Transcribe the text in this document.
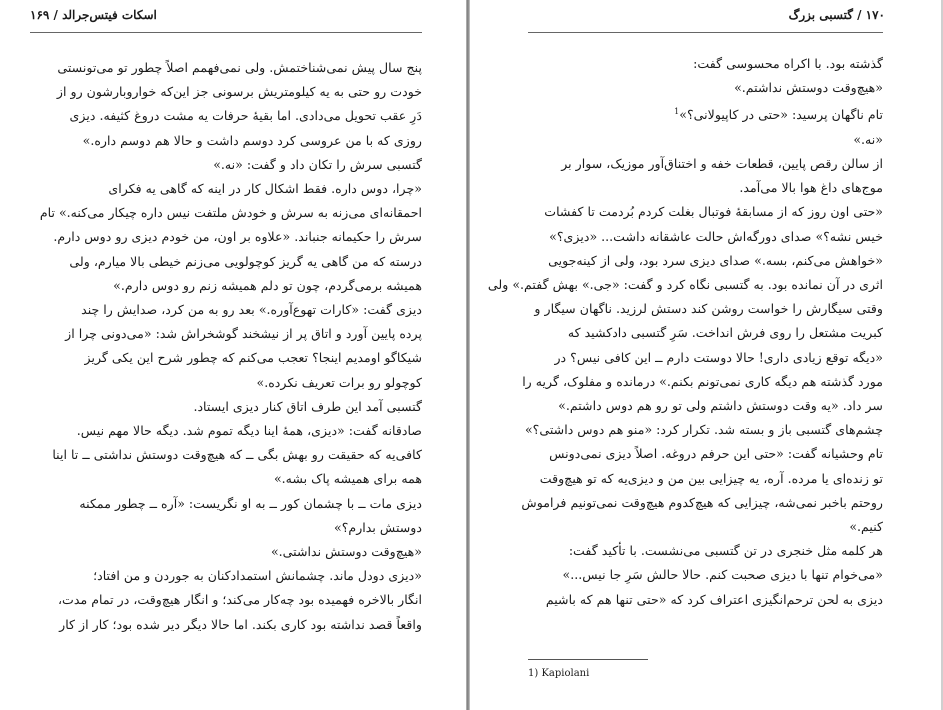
اسکات فیتس‌جرالد / ۱۶۹
پنج سال پیش نمی‌شناختمش. ولی نمی‌فهمم اصلاً چطور تو می‌تونستی
خودت رو حتی به یه کیلومتریش برسونی جز این‌که خوارو‌بارشون رو از
دَرِ عقب تحویل می‌دادی. اما بقیهٔ حرفات یه مشت دروغ کثیفه. دیزی
روزی که با من عروسی کرد دوسم داشت و حالا هم دوسم داره.»
گتسبی سرش را تکان داد و گفت: «نه.»
«چرا، دوس داره. فقط اشکال کار در اینه که گاهی یه فکرای
احمقانه‌ای می‌زنه به سرش و خودش ملتفت نیس داره چیکار می‌کنه.» تام
سرش را حکیمانه جنباند. «علاوه بر اون، من خودم دیزی رو دوس دارم.
درسته که من گاهی یه گریز کوچولویی می‌زنم خیطی بالا میارم، ولی
همیشه برمی‌گردم، چون تو دلم همیشه زنم رو دوس دارم.»
دیزی گفت: «کارات تهوع‌آوره.» بعد رو به من کرد، صدایش را چند
پرده پایین آورد و اتاق پر از نیشخند گوشخراش شد: «می‌دونی چرا از
شیکاگو اومدیم اینجا؟ تعجب می‌کنم که چطور شرح این یکی گریز
کوچولو رو برات تعریف نکرده.»
گتسبی آمد این طرف اتاق کنار دیزی ایستاد.
صادقانه گفت: «دیزی، همهٔ اینا دیگه تموم شد. دیگه حالا مهم نیس.
کافی‌یه که حقیقت رو بهش بگی ــ که هیچ‌وقت دوستش نداشتی ــ تا اینا
همه برای همیشه پاک بشه.»
دیزی مات ــ با چشمان کور ــ به او نگریست: «آره ــ چطور ممکنه
دوستش بدارم؟»
«هیچ‌وقت دوستش نداشتی.»
«دیزی دودل ماند. چشمانش استمدادکنان به جوردن و من افتاد؛
انگار بالاخره فهمیده بود چه‌کار می‌کند؛ و انگار هیچ‌وقت، در تمام مدت،
واقعاً قصد نداشته بود کاری بکند. اما حالا دیگر دیر شده بود؛ کار از کار
۱۷۰ / گتسبی بزرگ
گذشته بود. با اکراه محسوسی گفت:
«هیچ‌وقت دوستش نداشتم.»
تام ناگهان پرسید: «حتی در کاپیولانی؟»$^1$
«نه.»
از سالن رقص پایین، قطعات خفه و اختناق‌آور موزیک، سوار بر
موج‌های داغ هوا بالا می‌آمد.
«حتی اون روز که از مسابقهٔ فوتبال بغلت کردم بُردمت تا کفشات
خیس نشه؟» صدای دورگه‌اش حالت عاشقانه داشت... «دیزی؟»
«خواهش می‌کنم، بسه.» صدای دیزی سرد بود، ولی از کینه‌جویی
اثری در آن نمانده بود. به گتسبی نگاه کرد و گفت: «جی.» بهش گفتم.» ولی
وقتی سیگارش را خواست روشن کند دستش لرزید. ناگهان سیگار و
کبریت مشتعل را روی فرش انداخت. سَرِ گتسبی دادکشید که
«دیگه توقع زیادی داری! حالا دوستت دارم ــ این کافی نیس؟ در
مورد گذشته هم دیگه کاری نمی‌تونم بکنم.» درمانده و مفلوک، گریه را
سر داد. «یه وقت دوستش داشتم ولی تو رو هم دوس داشتم.»
چشم‌های گتسبی باز و بسته شد. تکرار کرد: «منو هم دوس داشتی؟»
تام وحشیانه گفت: «حتی این حرفم دروغه. اصلاً دیزی نمی‌دونس
تو زنده‌ای یا مرده. آره، یه چیزایی بین من و دیزی‌یه که تو هیچ‌وقت
روحتم باخبر نمی‌شه، چیزایی که هیچ‌کدوم هیچ‌وقت نمی‌تونیم فراموش
کنیم.»
هر کلمه مثل خنجری در تن گتسبی می‌نشست. با تأکید گفت:
«می‌خوام تنها با دیزی صحبت کنم. حالا حالش سَرِ جا نیس...»
دیزی به لحن ترحم‌انگیزی اعتراف کرد که «حتی تنها هم که باشیم
1) Kapiolani
